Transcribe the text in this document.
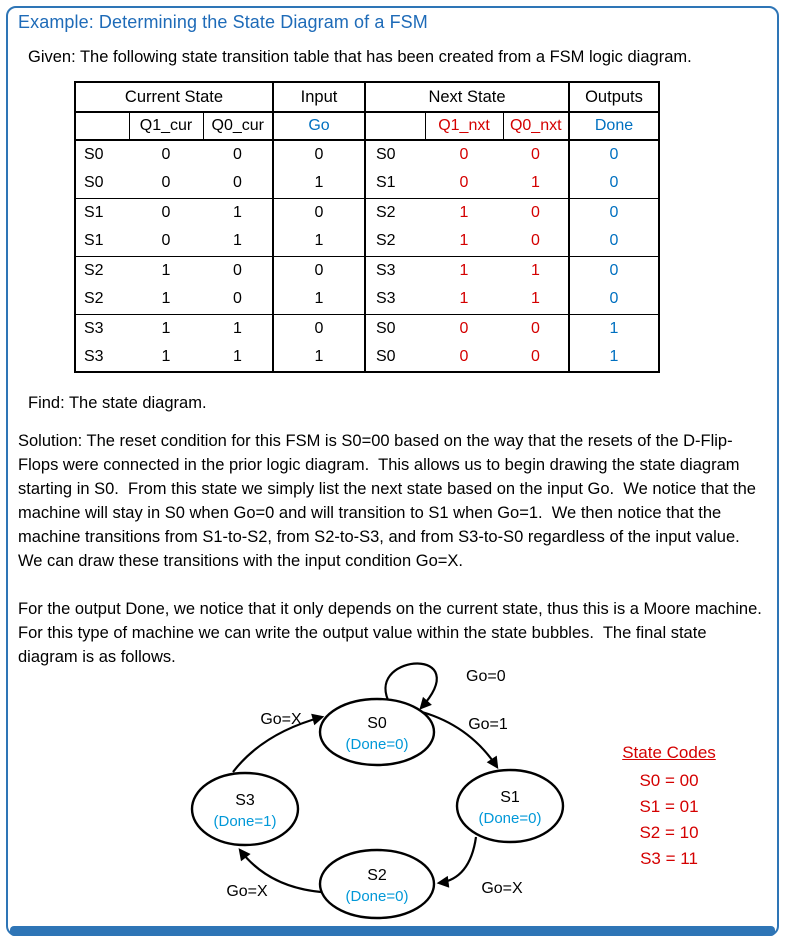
Example: Determining the State Diagram of a FSM

Given: The following state transition table that has been created from a FSM logic diagram.

Current State			Input	Next State			Outputs
	Q1_cur	Q0_cur	Go		Q1_nxt	Q0_nxt	Done
S0	0	0	0	S0	0	0	0
S0	0	0	1	S1	0	1	0
S1	0	1	0	S2	1	0	0
S1	0	1	1	S2	1	0	0
S2	1	0	0	S3	1	1	0
S2	1	0	1	S3	1	1	0
S3	1	1	0	S0	0	0	1
S3	1	1	1	S0	0	0	1

Find: The state diagram.

Solution: The reset condition for this FSM is S0=00 based on the way that the resets of the D-Flip-Flops were connected in the prior logic diagram.  This allows us to begin drawing the state diagram starting in S0.  From this state we simply list the next state based on the input Go.  We notice that the machine will stay in S0 when Go=0 and will transition to S1 when Go=1.  We then notice that the machine transitions from S1-to-S2, from S2-to-S3, and from S3-to-S0 regardless of the input value.  We can draw these transitions with the input condition Go=X.

For the output Done, we notice that it only depends on the current state, thus this is a Moore machine.  For this type of machine we can write the output value within the state bubbles.  The final state diagram is as follows.

Go=0
Go=1
Go=X
Go=X
Go=X	S0
(Done=0)
S1
(Done=0)
S2
(Done=0)
S3
(Done=1)
State Codes
S0 = 00
S1 = 01
S2 = 10
S3 = 11
